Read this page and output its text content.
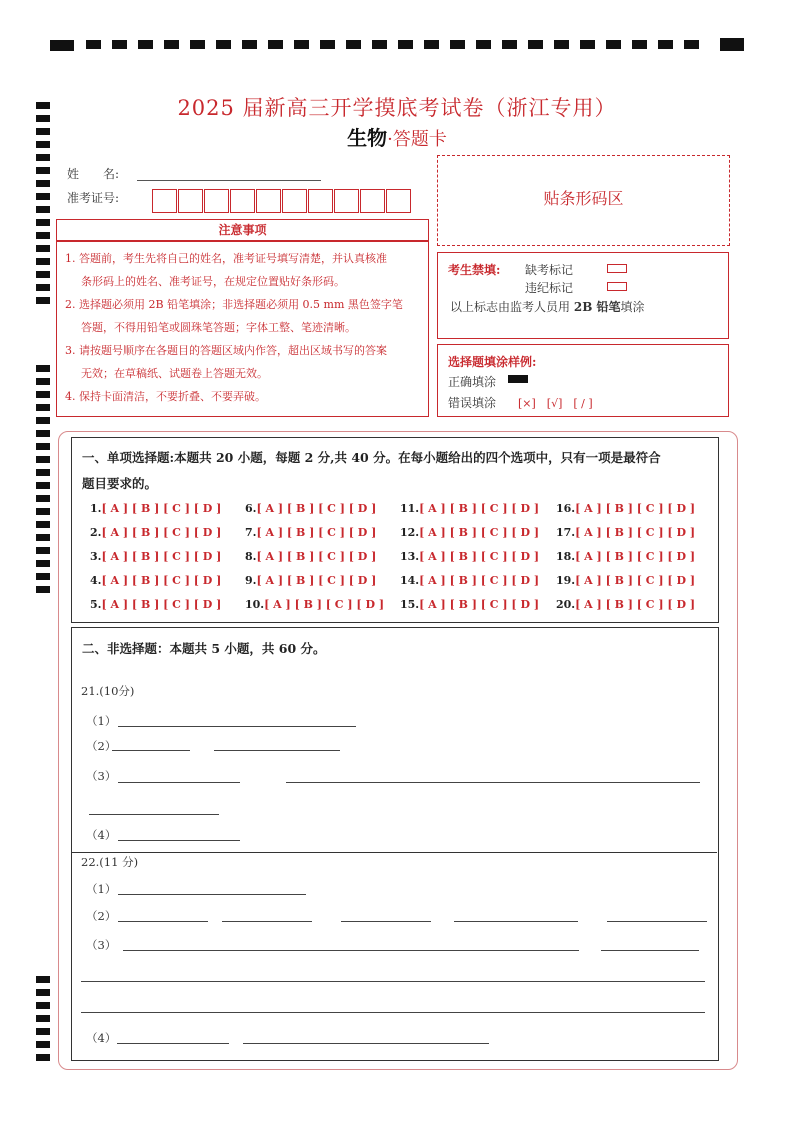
2025 届新高三开学摸底考试卷（浙江专用）
生物·答题卡
姓　　名:
准考证号:	贴条形码区
注意事项
1. 答题前，考生先将自己的姓名，准考证号填写清楚，并认真核准
条形码上的姓名、准考证号，在规定位置贴好条形码。
2. 选择题必须用 2B 铅笔填涂；非选择题必须用 0.5 mm 黑色签字笔
答题，不得用铅笔或圆珠笔答题；字体工整、笔迹清晰。
3. 请按题号顺序在各题目的答题区域内作答，超出区域书写的答案
无效；在草稿纸、试题卷上答题无效。
4. 保持卡面清洁，不要折叠、不要弄破。
考生禁填: 缺考标记
违纪标记
以上标志由监考人员用 2B 铅笔填涂
选择题填涂样例:
正确填涂
错误填涂 [×]　[√]　[ / ]
一、单项选择题:本题共 20 小题，每题 2 分,共 40 分。在每小题给出的四个选项中，只有一项是最符合
题目要求的。
1.[ A ] [ B ] [ C ] [ D ]
2.[ A ] [ B ] [ C ] [ D ]
3.[ A ] [ B ] [ C ] [ D ]
4.[ A ] [ B ] [ C ] [ D ]
5.[ A ] [ B ] [ C ] [ D ]
6.[ A ] [ B ] [ C ] [ D ]
7.[ A ] [ B ] [ C ] [ D ]
8.[ A ] [ B ] [ C ] [ D ]
9.[ A ] [ B ] [ C ] [ D ]
10.[ A ] [ B ] [ C ] [ D ]
11.[ A ] [ B ] [ C ] [ D ]
12.[ A ] [ B ] [ C ] [ D ]
13.[ A ] [ B ] [ C ] [ D ]
14.[ A ] [ B ] [ C ] [ D ]
15.[ A ] [ B ] [ C ] [ D ]
16.[ A ] [ B ] [ C ] [ D ]
17.[ A ] [ B ] [ C ] [ D ]
18.[ A ] [ B ] [ C ] [ D ]
19.[ A ] [ B ] [ C ] [ D ]
20.[ A ] [ B ] [ C ] [ D ]
二、非选择题：本题共 5 小题，共 60 分。
21.(10分)
（1）
（2）
（3）
（4）
22.(11 分)
（1）
（2）
（3）
（4）
